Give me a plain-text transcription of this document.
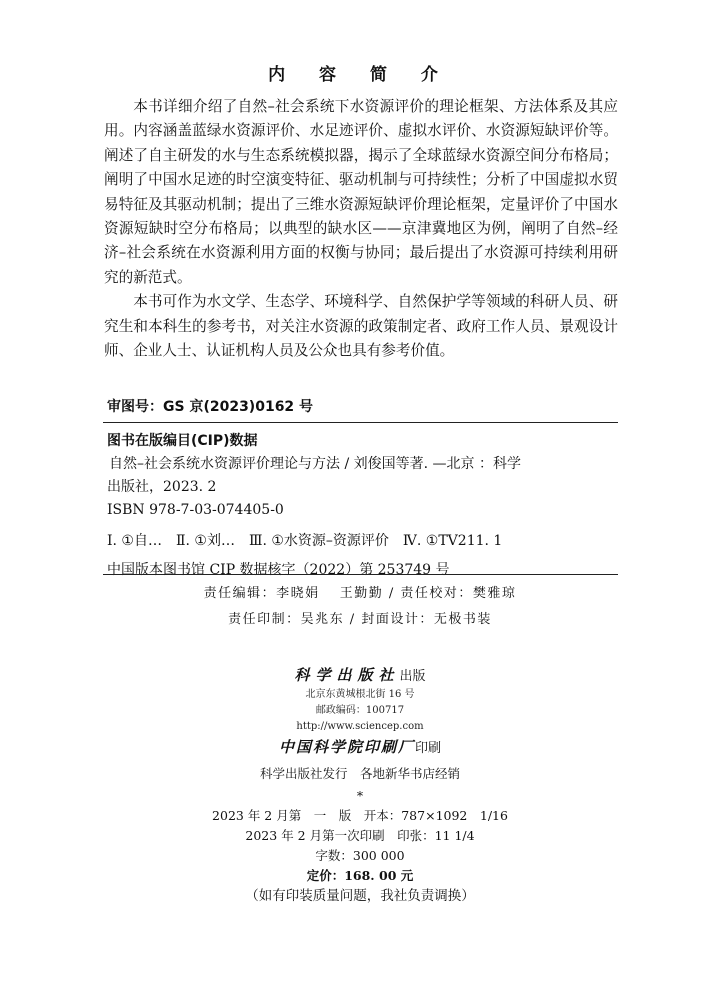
内 容 简 介

本书详细介绍了自然–社会系统下水资源评价的理论框架、方法体系及其应用。内容涵盖蓝绿水资源评价、水足迹评价、虚拟水评价、水资源短缺评价等。阐述了自主研发的水与生态系统模拟器，揭示了全球蓝绿水资源空间分布格局；阐明了中国水足迹的时空演变特征、驱动机制与可持续性；分析了中国虚拟水贸易特征及其驱动机制；提出了三维水资源短缺评价理论框架，定量评价了中国水资源短缺时空分布格局；以典型的缺水区——京津冀地区为例，阐明了自然–经济–社会系统在水资源利用方面的权衡与协同；最后提出了水资源可持续利用研究的新范式。

本书可作为水文学、生态学、环境科学、自然保护学等领域的科研人员、研究生和本科生的参考书，对关注水资源的政策制定者、政府工作人员、景观设计师、企业人士、认证机构人员及公众也具有参考价值。

审图号：GS 京(2023)0162 号
图书在版编目(CIP)数据
自然–社会系统水资源评价理论与方法 / 刘俊国等著. —北京 ：科学
出版社，2023. 2
ISBN 978-7-03-074405-0
Ⅰ. ①自…　Ⅱ. ①刘…　Ⅲ. ①水资源–资源评价　Ⅳ. ①TV211. 1
中国版本图书馆 CIP 数据核字（2022）第 253749 号
责任编辑：李晓娟　 王勤勤 / 责任校对：樊雅琼
责任印制：吴兆东 / 封面设计：无极书装
科学出版社出版
北京东黄城根北街 16 号
邮政编码：100717
http://www.sciencep.com
中国科学院印刷厂印刷
科学出版社发行　各地新华书店经销
*
2023 年 2 月第　一　版　开本：787×1092　1/16
2023 年 2 月第一次印刷　印张：11 1/4
字数：300 000
定价：168. 00 元
（如有印装质量问题，我社负责调换）
